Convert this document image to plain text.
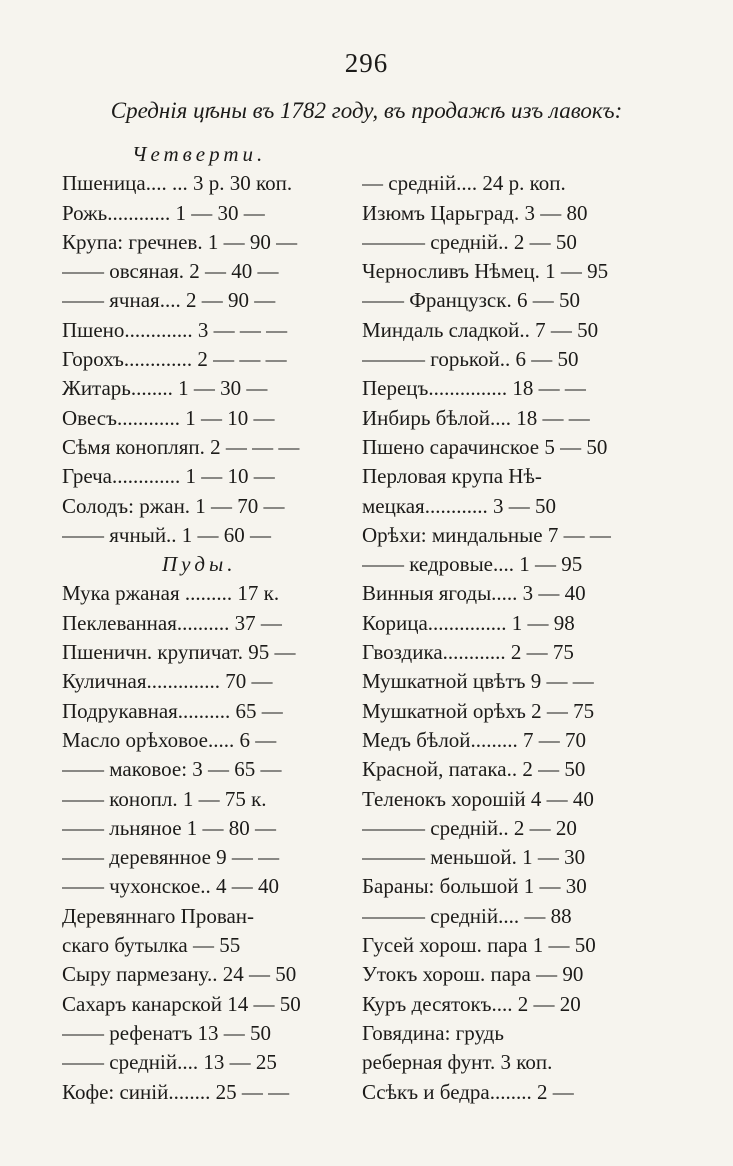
296
Среднія цѣны въ 1782 году, въ продажѣ изъ лавокъ:
Четверти.
Пшеница.... ... 3 р. 30 коп.
Рожь............ 1 — 30 —
Крупа: гречнев. 1 — 90 —
—— овсяная. 2 — 40 —
—— ячная.... 2 — 90 —
Пшено............. 3 — — —
Горохъ............. 2 — — —
Житарь........ 1 — 30 —
Овесъ............ 1 — 10 —
Сѣмя конопляп. 2 — — —
Греча............. 1 — 10 —
Солодъ: ржан. 1 — 70 —
—— ячный.. 1 — 60 —
Пуды.
Мука ржаная ......... 17 к.
Пеклеванная.......... 37 —
Пшеничн. крупичат. 95 —
Куличная.............. 70 —
Подрукавная.......... 65 —
Масло орѣховое..... 6 —
—— маковое: 3 — 65 —
—— конопл. 1 — 75 к.
—— льняное 1 — 80 —
—— деревянное 9 — —
—— чухонское.. 4 — 40
Деревяннаго Прован-
скаго бутылка — 55
Сыру пармезану.. 24 — 50
Сахаръ канарской 14 — 50
—— рефенатъ 13 — 50
—— средній.... 13 — 25
Кофе: синій........ 25 — —
— средній.... 24 р. коп.
Изюмъ Царьград. 3 — 80
——— средній.. 2 — 50
Черносливъ Нѣмец. 1 — 95
—— Французск. 6 — 50
Миндаль сладкой.. 7 — 50
——— горькой.. 6 — 50
Перецъ............... 18 — —
Инбирь бѣлой.... 18 — —
Пшено сарачинское 5 — 50
Перловая крупа Нѣ-
мецкая............ 3 — 50
Орѣхи: миндальные 7 — —
—— кедровые.... 1 — 95
Винныя ягоды..... 3 — 40
Корица............... 1 — 98
Гвоздика............ 2 — 75
Мушкатной цвѣтъ 9 — —
Мушкатной орѣхъ 2 — 75
Медъ бѣлой......... 7 — 70
Красной, патака.. 2 — 50
Теленокъ хорошій 4 — 40
——— средній.. 2 — 20
——— меньшой. 1 — 30
Бараны: большой 1 — 30
——— средній.... — 88
Гусей хорош. пара 1 — 50
Утокъ хорош. пара — 90
Куръ десятокъ.... 2 — 20
Говядина: грудь
реберная фунт. 3 коп.
Ссѣкъ и бедра........ 2 —
